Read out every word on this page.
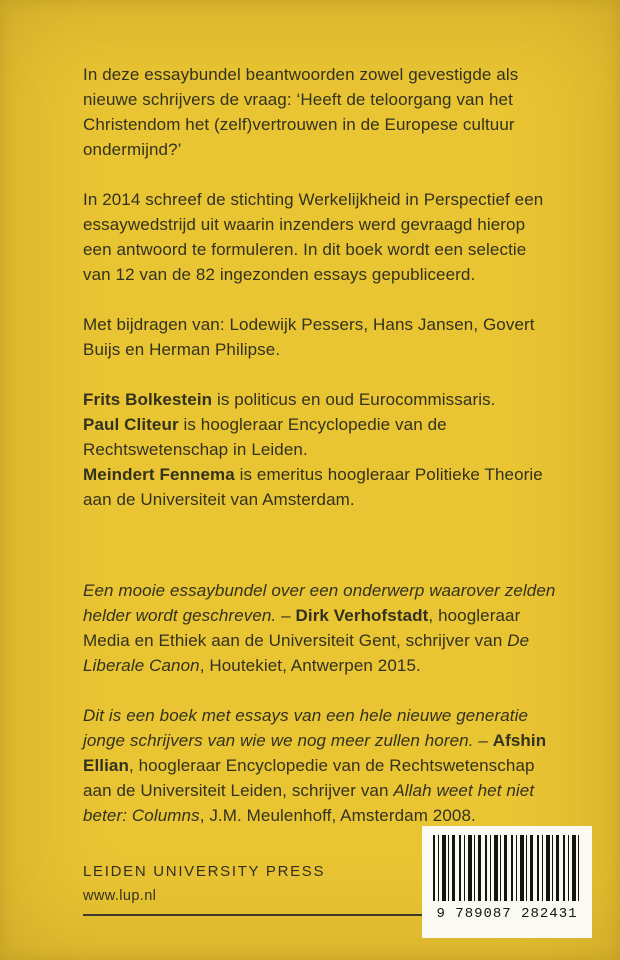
In deze essaybundel beantwoorden zowel gevestigde als nieuwe schrijvers de vraag: ‘Heeft de teloorgang van het Christendom het (zelf)vertrouwen in de Europese cultuur ondermijnd?’

In 2014 schreef de stichting Werkelijkheid in Perspectief een essaywedstrijd uit waarin inzenders werd gevraagd hierop een antwoord te formuleren. In dit boek wordt een selectie van 12 van de 82 ingezonden essays gepubliceerd.

Met bijdragen van: Lodewijk Pessers, Hans Jansen, Govert Buijs en Herman Philipse.

Frits Bolkestein is politicus en oud Eurocommissaris.

Paul Cliteur is hoogleraar Encyclopedie van de Rechtswetenschap in Leiden.

Meindert Fennema is emeritus hoogleraar Politieke Theorie aan de Universiteit van Amsterdam.

Een mooie essaybundel over een onderwerp waarover zelden helder wordt geschreven. – Dirk Verhofstadt, hoogleraar Media en Ethiek aan de Universiteit Gent, schrijver van De Liberale Canon, Houtekiet, Antwerpen 2015.

Dit is een boek met essays van een hele nieuwe generatie jonge schrijvers van wie we nog meer zullen horen. – Afshin Ellian, hoogleraar Encyclopedie van de Rechtswetenschap aan de Universiteit Leiden, schrijver van Allah weet het niet beter: Columns, J.M. Meulenhoff, Amsterdam 2008.

LEIDEN UNIVERSITY PRESS

www.lup.nl

9 789087 282431
